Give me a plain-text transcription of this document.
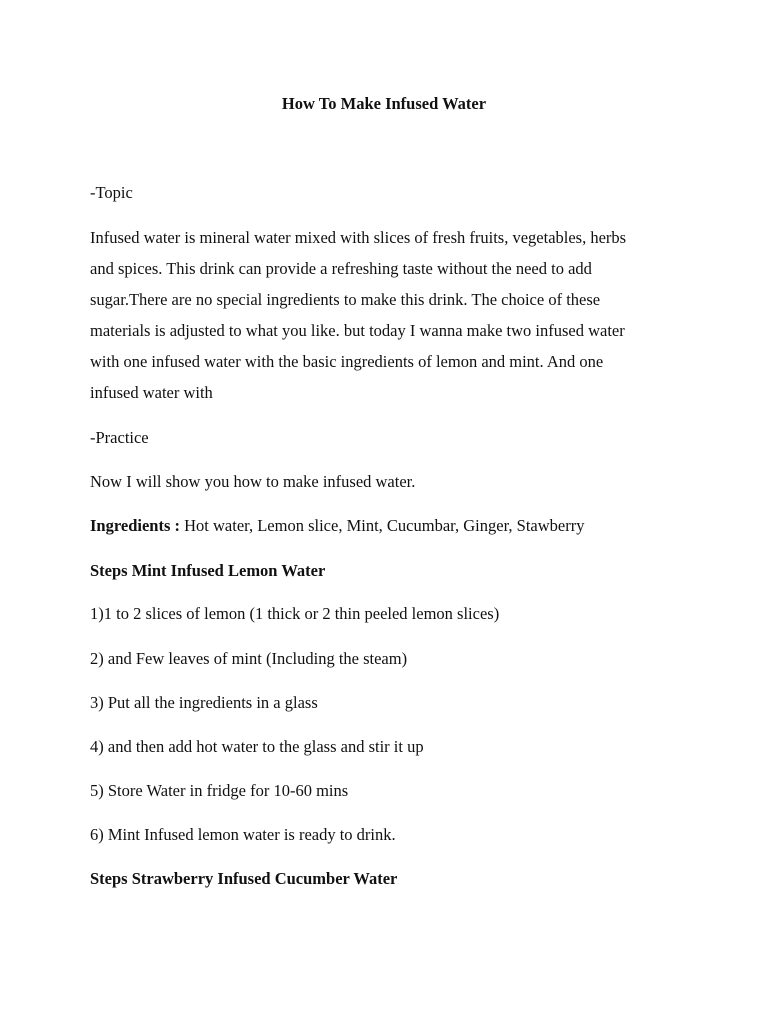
How To Make Infused Water
-Topic
Infused water is mineral water mixed with slices of fresh fruits, vegetables, herbs
and spices. This drink can provide a refreshing taste without the need to add
sugar.There are no special ingredients to make this drink. The choice of these
materials is adjusted to what you like. but today I wanna make two infused water
with one infused water with the basic ingredients of lemon and mint. And one
infused water with
-Practice
Now I will show you how to make infused water.
Ingredients : Hot water, Lemon slice, Mint, Cucumbar, Ginger, Stawberry
Steps Mint Infused Lemon Water
1)1 to 2 slices of lemon (1 thick or 2 thin peeled lemon slices)
2) and Few leaves of mint (Including the steam)
3) Put all the ingredients in a glass
4) and then add hot water to the glass and stir it up
5) Store Water in fridge for 10-60 mins
6) Mint Infused lemon water is ready to drink.
Steps Strawberry Infused Cucumber Water
